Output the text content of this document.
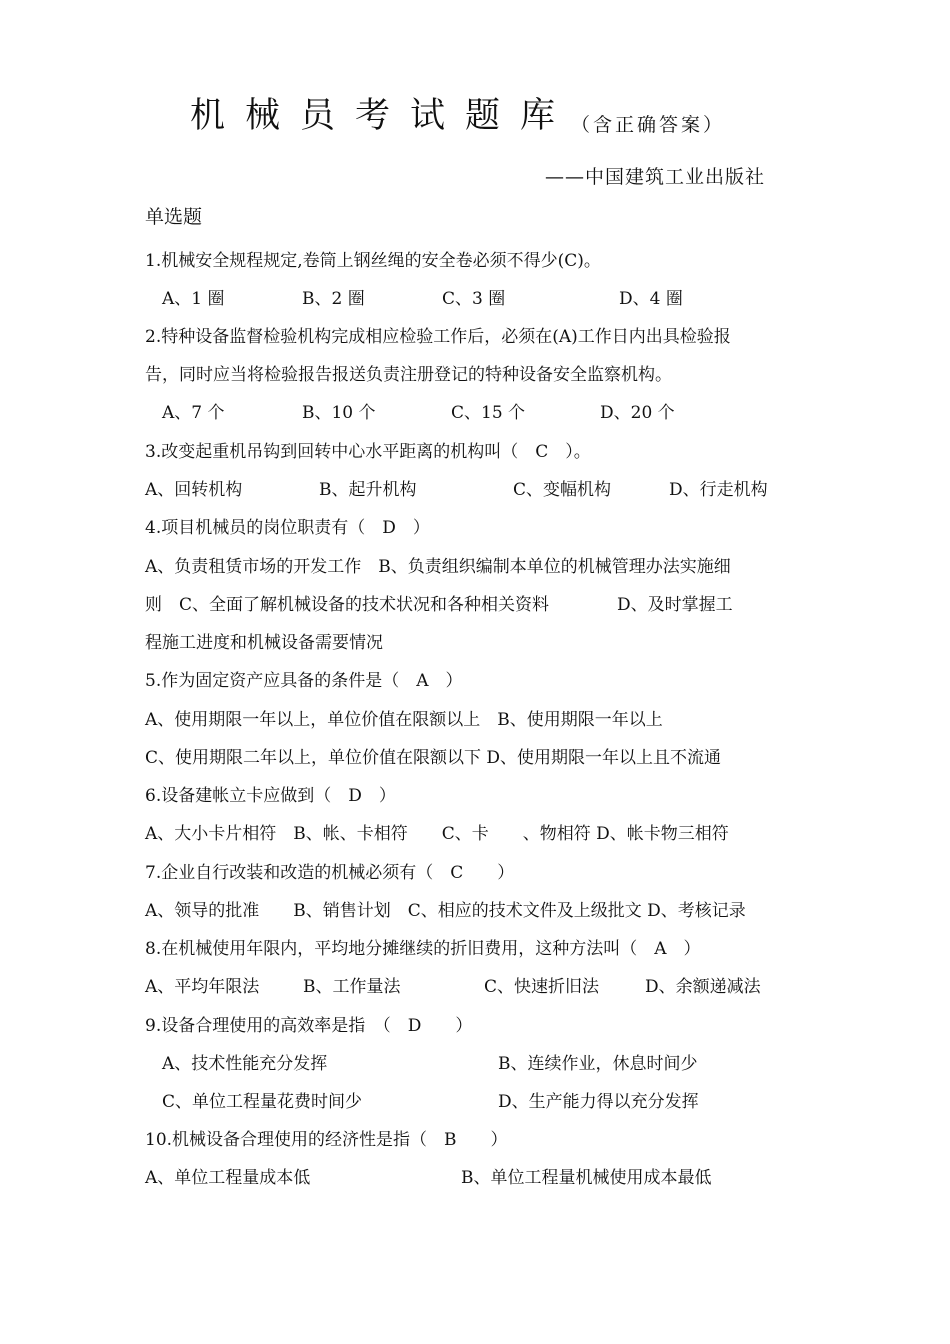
机械员考试题库（含正确答案）
——中国建筑工业出版社
单选题
1.机械安全规程规定,卷筒上钢丝绳的安全卷必须不得少(C)。
A、1 圈	B、2 圈	C、3 圈	D、4 圈
2.特种设备监督检验机构完成相应检验工作后，必须在(A)工作日内出具检验报
告，同时应当将检验报告报送负责注册登记的特种设备安全监察机构。
A、7 个	B、10 个	C、15 个	D、20 个
3.改变起重机吊钩到回转中心水平距离的机构叫（　C　）。
A、回转机构	B、起升机构	C、变幅机构	D、行走机构
4.项目机械员的岗位职责有（　D　）
A、负责租赁市场的开发工作　B、负责组织编制本单位的机械管理办法实施细
则　C、全面了解机械设备的技术状况和各种相关资料　　　　D、及时掌握工
程施工进度和机械设备需要情况
5.作为固定资产应具备的条件是（　A　）
A、使用期限一年以上，单位价值在限额以上　B、使用期限一年以上
C、使用期限二年以上，单位价值在限额以下 D、使用期限一年以上且不流通
6.设备建帐立卡应做到（　D　）
A、大小卡片相符　B、帐、卡相符　　C、卡　　、物相符 D、帐卡物三相符
7.企业自行改装和改造的机械必须有（　C　　）
A、领导的批准　　B、销售计划　C、相应的技术文件及上级批文 D、考核记录
8.在机械使用年限内，平均地分摊继续的折旧费用，这种方法叫（　A　）
A、平均年限法	B、工作量法	C、快速折旧法	D、余额递减法
9.设备合理使用的高效率是指　（　D　　）
A、技术性能充分发挥	B、连续作业，休息时间少
C、单位工程量花费时间少	D、生产能力得以充分发挥
10.机械设备合理使用的经济性是指（　B　　）
A、单位工程量成本低	B、单位工程量机械使用成本最低
